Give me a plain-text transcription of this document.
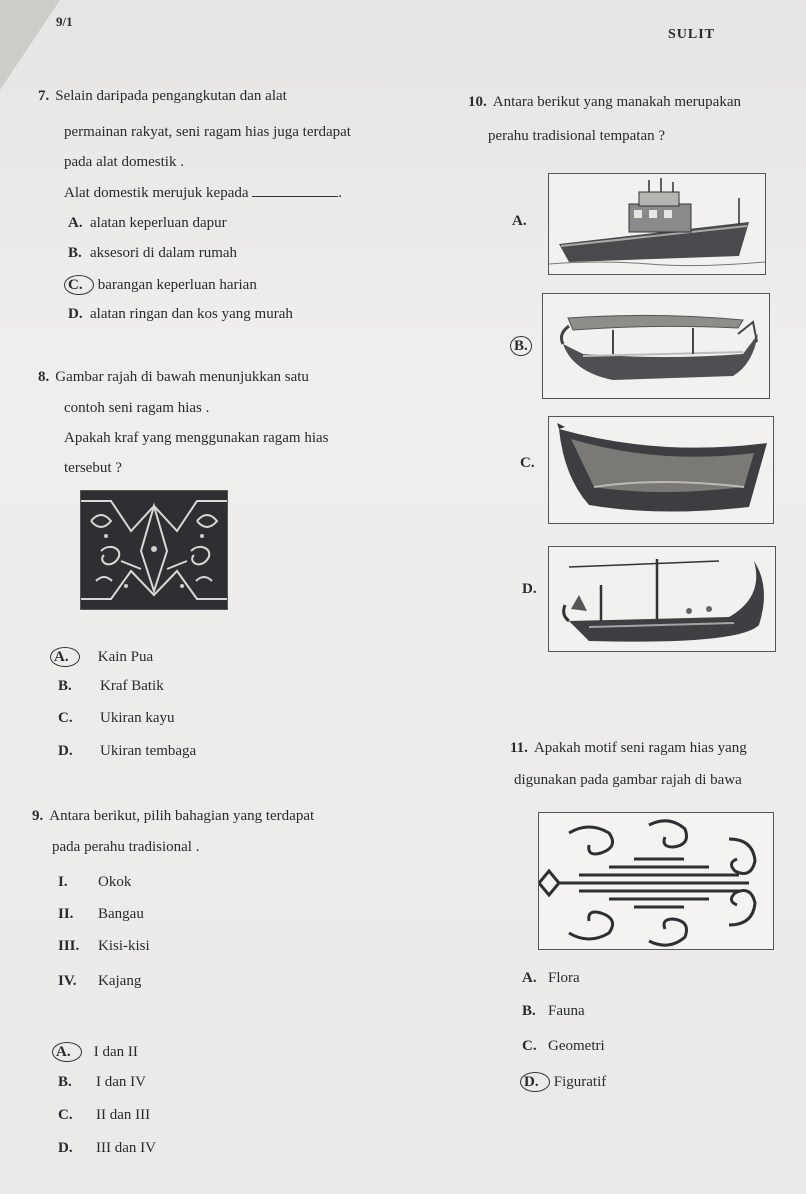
9/1
SULIT
7. Selain daripada pengangkutan dan alat
permainan rakyat, seni ragam hias juga terdapat
pada alat domestik .
Alat domestik merujuk kepada	.
A. alatan keperluan dapur
B. aksesori di dalam rumah
C. barangan keperluan harian
D. alatan ringan dan kos yang murah
8. Gambar rajah di bawah menunjukkan satu
contoh seni ragam hias .
Apakah kraf yang menggunakan ragam hias
tersebut ?
A. Kain Pua
B. Kraf Batik
C. Ukiran kayu
D. Ukiran tembaga
9. Antara berikut, pilih bahagian yang terdapat
pada perahu tradisional .
I. Okok
II. Bangau
III. Kisi-kisi
IV. Kajang
A. I dan II
B. I dan IV
C. II dan III
D. III dan IV
10. Antara berikut yang manakah merupakan
perahu tradisional tempatan ?
A.
B.
C.
D.
11. Apakah motif seni ragam hias yang
digunakan pada gambar rajah di bawa
A. Flora
B. Fauna
C. Geometri
D. Figuratif
